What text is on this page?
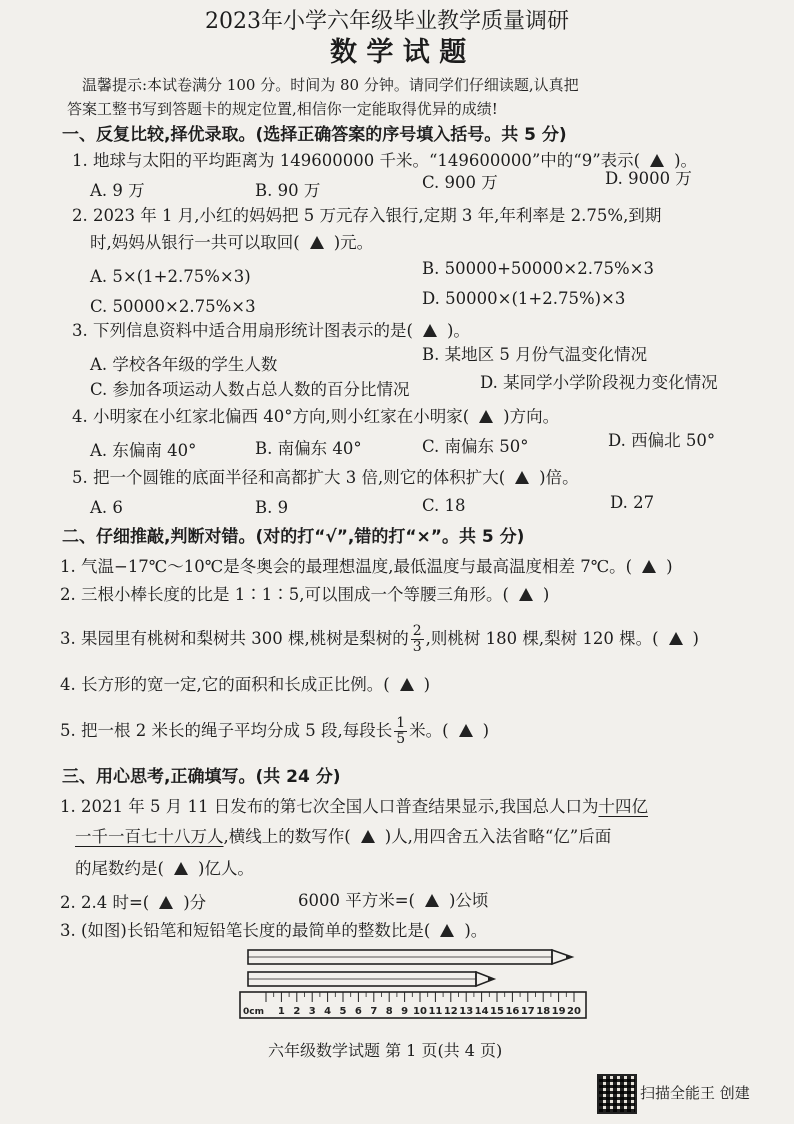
2023年小学六年级毕业教学质量调研
数 学 试 题
温馨提示:本试卷满分 100 分。时间为 80 分钟。请同学们仔细读题,认真把
答案工整书写到答题卡的规定位置,相信你一定能取得优异的成绩!
一、反复比较,择优录取。(选择正确答案的序号填入括号。共 5 分)
1. 地球与太阳的平均距离为 149600000 千米。“149600000”中的“9”表示( )。
A. 9 万	B. 90 万	C. 900 万	D. 9000 万
2. 2023 年 1 月,小红的妈妈把 5 万元存入银行,定期 3 年,年利率是 2.75%,到期
时,妈妈从银行一共可以取回( )元。
A. 5×(1+2.75%×3)	B. 50000+50000×2.75%×3
C. 50000×2.75%×3	D. 50000×(1+2.75%)×3
3. 下列信息资料中适合用扇形统计图表示的是( )。
A. 学校各年级的学生人数
B. 某地区 5 月份气温变化情况
C. 参加各项运动人数占总人数的百分比情况	D. 某同学小学阶段视力变化情况
4. 小明家在小红家北偏西 40°方向,则小红家在小明家( )方向。
A. 东偏南 40°	B. 南偏东 40°	C. 南偏东 50°	D. 西偏北 50°
5. 把一个圆锥的底面半径和高都扩大 3 倍,则它的体积扩大( )倍。
A. 6	B. 9	C. 18	D. 27
二、仔细推敲,判断对错。(对的打“√”,错的打“×”。共 5 分)
1. 气温−17℃～10℃是冬奥会的最理想温度,最低温度与最高温度相差 7℃。( )
2. 三根小棒长度的比是 1∶1∶5,可以围成一个等腰三角形。( )
3. 果园里有桃树和梨树共 300 棵,桃树是梨树的 $\frac{2}{3}$ ,则桃树 180 棵,梨树 120 棵。( )
4. 长方形的宽一定,它的面积和长成正比例。( )
5. 把一根 2 米长的绳子平均分成 5 段,每段长 $\frac{1}{5}$ 米。( )
三、用心思考,正确填写。(共 24 分)
1. 2021 年 5 月 11 日发布的第七次全国人口普查结果显示,我国总人口为十四亿
一千一百七十八万人,横线上的数写作( )人,用四舍五入法省略“亿”后面
的尾数约是( )亿人。
2. 2.4 时=( )分	6000 平方米=( )公顷
3. (如图)长铅笔和短铅笔长度的最简单的整数比是( )。
0cm 1 2 3 4 5 6 7 8 9 10 11 12 13 14 15 16 17 18 19 20
六年级数学试题 第 1 页(共 4 页)
扫描全能王 创建
